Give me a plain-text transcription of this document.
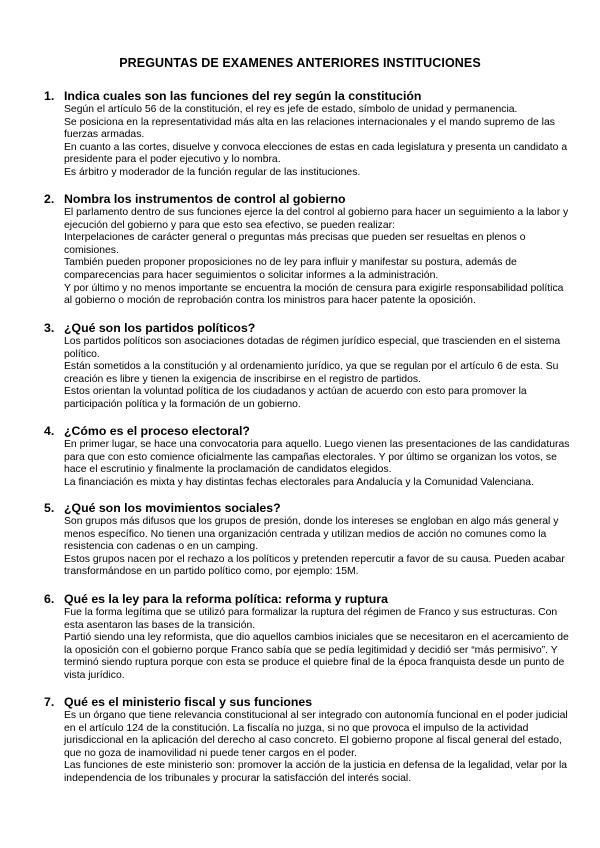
PREGUNTAS DE EXAMENES ANTERIORES INSTITUCIONES
1. Indica cuales son las funciones del rey según la constitución

Según el artículo 56 de la constitución, el rey es jefe de estado, símbolo de unidad y permanencia.

Se posiciona en la representatividad más alta en las relaciones internacionales y el mando supremo de las fuerzas armadas.

En cuanto a las cortes, disuelve y convoca elecciones de estas en cada legislatura y presenta un candidato a presidente para el poder ejecutivo y lo nombra.

Es árbitro y moderador de la función regular de las instituciones.

2. Nombra los instrumentos de control al gobierno

El parlamento dentro de sus funciones ejerce la del control al gobierno para hacer un seguimiento a la labor y ejecución del gobierno y para que esto sea efectivo, se pueden realizar:

Interpelaciones de carácter general o preguntas más precisas que pueden ser resueltas en plenos o comisiones.

También pueden proponer proposiciones no de ley para influir y manifestar su postura, además de comparecencias para hacer seguimientos o solicitar informes a la administración.

Y por último y no menos importante se encuentra la moción de censura para exigirle responsabilidad política al gobierno o moción de reprobación contra los ministros para hacer patente la oposición.

3. ¿Qué son los partidos políticos?

Los partidos políticos son asociaciones dotadas de régimen jurídico especial, que trascienden en el sistema político.

Están sometidos a la constitución y al ordenamiento jurídico, ya que se regulan por el artículo 6 de esta. Su creación es libre y tienen la exigencia de inscribirse en el registro de partidos.

Estos orientan la voluntad política de los ciudadanos y actúan de acuerdo con esto para promover la participación política y la formación de un gobierno.

4. ¿Cómo es el proceso electoral?

En primer lugar, se hace una convocatoria para aquello. Luego vienen las presentaciones de las candidaturas para que con esto comience oficialmente las campañas electorales. Y por último se organizan los votos, se hace el escrutinio y finalmente la proclamación de candidatos elegidos.

La financiación es mixta y hay distintas fechas electorales para Andalucía y la Comunidad Valenciana.

5. ¿Qué son los movimientos sociales?

Son grupos más difusos que los grupos de presión, donde los intereses se engloban en algo más general y menos específico. No tienen una organización centrada y utilizan medios de acción no comunes como la resistencia con cadenas o en un camping.

Estos grupos nacen por el rechazo a los políticos y pretenden repercutir a favor de su causa. Pueden acabar transformándose en un partido político como, por ejemplo: 15M.

6. Qué es la ley para la reforma política: reforma y ruptura

Fue la forma legítima que se utilizó para formalizar la ruptura del régimen de Franco y sus estructuras. Con esta asentaron las bases de la transición.

Partió siendo una ley reformista, que dio aquellos cambios iniciales que se necesitaron en el acercamiento de la oposición con el gobierno porque Franco sabía que se pedía legitimidad y decidió ser “más permisivo”. Y terminó siendo ruptura porque con esta se produce el quiebre final de la época franquista desde un punto de vista jurídico.

7. Qué es el ministerio fiscal y sus funciones

Es un órgano que tiene relevancia constitucional al ser integrado con autonomía funcional en el poder judicial en el artículo 124 de la constitución. La fiscalía no juzga, si no que provoca el impulso de la actividad jurisdiccional en la aplicación del derecho al caso concreto. El gobierno propone al fiscal general del estado, que no goza de inamovilidad ni puede tener cargos en el poder.

Las funciones de este ministerio son: promover la acción de la justicia en defensa de la legalidad, velar por la independencia de los tribunales y procurar la satisfacción del interés social.
